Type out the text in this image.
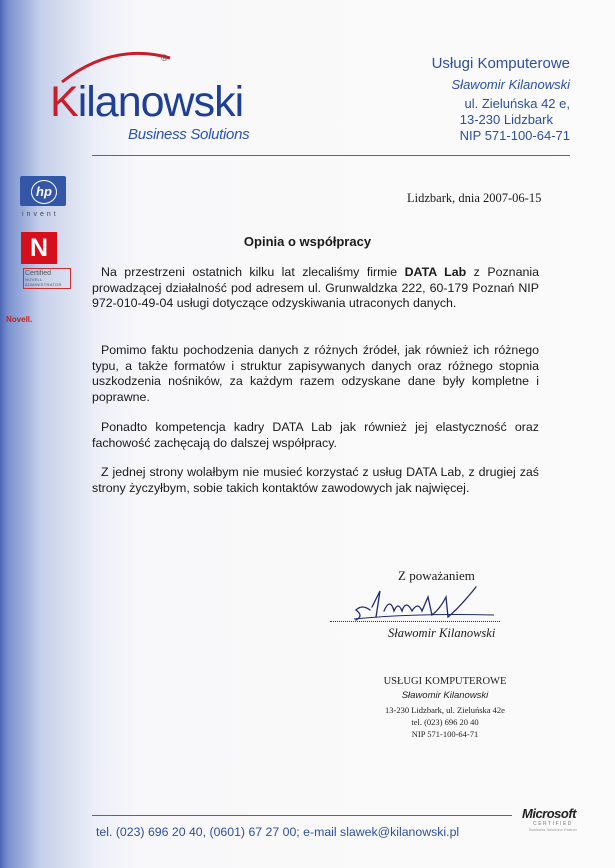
Kilanowski
®
Business Solutions
Usługi Komputerowe
Sławomir Kilanowski
ul. Zieluńska 42 e,
13-230 Lidzbark
NIP 571-100-64-71
hp
invent
N
Certified
NOVELL ADMINISTRATOR
Novell.
Lidzbark, dnia 2007-06-15
Opinia o współpracy
Na przestrzeni ostatnich kilku lat zlecaliśmy firmie DATA Lab z Poznania prowadzącej działalność pod adresem ul. Grunwaldzka 222, 60-179 Poznań NIP 972-010-49-04 usługi dotyczące odzyskiwania utraconych danych.
Pomimo faktu pochodzenia danych z różnych źródeł, jak również ich różnego typu, a także formatów i struktur zapisywanych danych oraz różnego stopnia uszkodzenia nośników, za każdym razem odzyskane dane były kompletne i poprawne.
Ponadto kompetencja kadry DATA Lab jak również jej elastyczność oraz fachowość zachęcają do dalszej współpracy.
Z jednej strony wolałbym nie musieć korzystać z usług DATA Lab, z drugiej zaś strony życzyłbym, sobie takich kontaktów zawodowych jak najwięcej.
Z poważaniem
Sławomir Kilanowski
USŁUGI KOMPUTEROWE
Sławomir Kilanowski
13-230 Lidzbark, ul. Zieluńska 42e
tel. (023) 696 20 40
NIP 571-100-64-71
Microsoft
CERTIFIED
Business Solutions Partner
tel. (023) 696 20 40, (0601) 67 27 00; e-mail slawek@kilanowski.pl
